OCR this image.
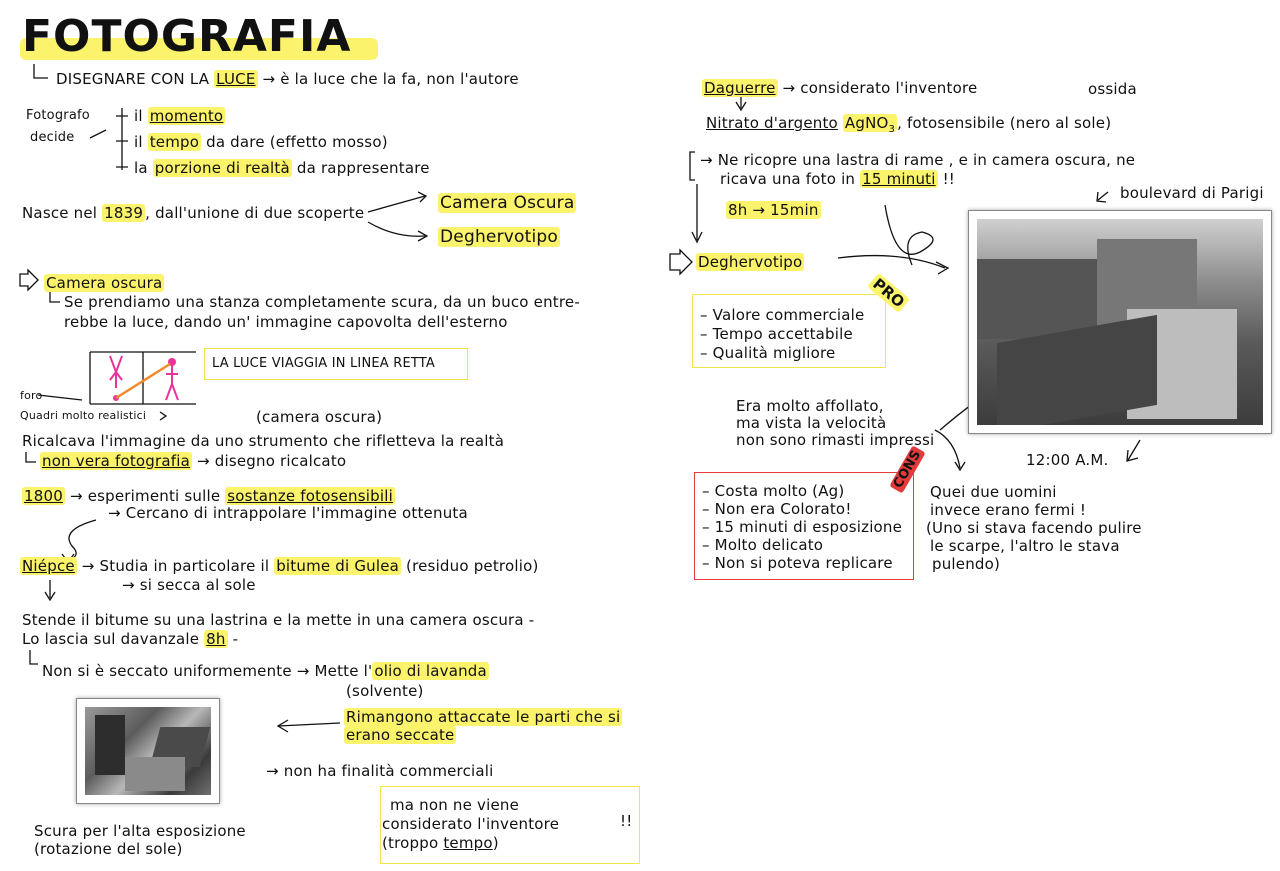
FOTOGRAFIA
DISEGNARE CON LA LUCE → è la luce che la fa, non l'autore
Fotografo
decide
il momento
il tempo da dare (effetto mosso)
la porzione di realtà da rappresentare
Nasce nel 1839 , dall'unione di due scoperte	Camera Oscura
Deghervotipo
Camera oscura
Se prendiamo una stanza completamente scura, da un buco entre-
rebbe la luce, dando un' immagine capovolta dell'esterno
LA LUCE VIAGGIA IN LINEA RETTA
foro
Quadri molto realistici	(camera oscura)
Ricalcava l'immagine da uno strumento che rifletteva la realtà
non vera fotografia → disegno ricalcato
1800 → esperimenti sulle sostanze fotosensibili
→ Cercano di intrappolare l'immagine ottenuta
Niépce → Studia in particolare il bitume di Gulea (residuo petrolio)
→ si secca al sole
Stende il bitume su una lastrina e la mette in una camera oscura -
Lo lascia sul davanzale 8h -
Non si è seccato uniformemente → Mette l' olio di lavanda
(solvente)
Rimangono attaccate le parti che si
erano seccate
→ non ha finalità commerciali
Scura per l'alta esposizione
(rotazione del sole)
ma non ne viene
considerato l'inventore
(troppo tempo)
!!
Daguerre → considerato l'inventore	ossida
Nitrato d'argento AgNO$_3$ , fotosensibile (nero al sole)
→ Ne ricopre una lastra di rame , e in camera oscura, ne
ricava una foto in 15 minuti !!
8h → 15min
Deghervotipo
PRO
– Valore commerciale
– Tempo accettabile
– Qualità migliore
boulevard di Parigi
Era molto affollato,
ma vista la velocità
non sono rimasti impressi
12:00 A.M.
CONS
– Costa molto (Ag)
– Non era Colorato!
– 15 minuti di esposizione
– Molto delicato
– Non si poteva replicare
Quei due uomini
invece erano fermi !
(Uno si stava facendo pulire
le scarpe, l'altro le stava
pulendo)
